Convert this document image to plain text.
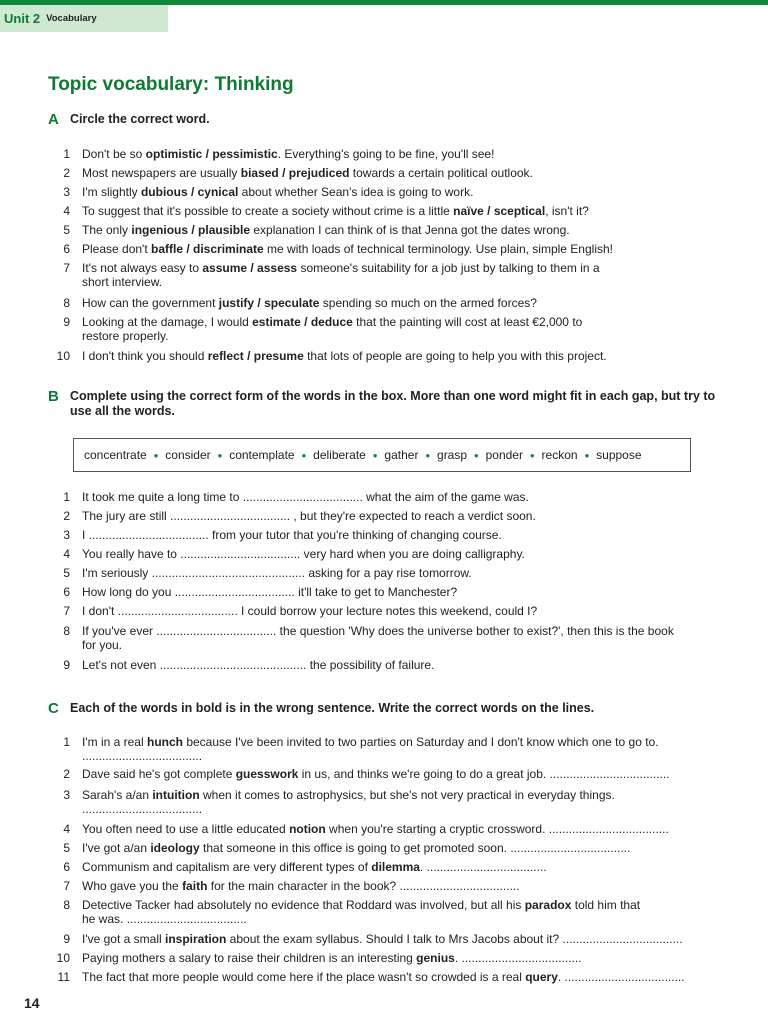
Unit 2 Vocabulary
Topic vocabulary: Thinking
A Circle the correct word.
1 Don't be so optimistic / pessimistic. Everything's going to be fine, you'll see!
2 Most newspapers are usually biased / prejudiced towards a certain political outlook.
3 I'm slightly dubious / cynical about whether Sean's idea is going to work.
4 To suggest that it's possible to create a society without crime is a little naïve / sceptical, isn't it?
5 The only ingenious / plausible explanation I can think of is that Jenna got the dates wrong.
6 Please don't baffle / discriminate me with loads of technical terminology. Use plain, simple English!
7 It's not always easy to assume / assess someone's suitability for a job just by talking to them in a
short interview.
8 How can the government justify / speculate spending so much on the armed forces?
9 Looking at the damage, I would estimate / deduce that the painting will cost at least €2,000 to
restore properly.
10 I don't think you should reflect / presume that lots of people are going to help you with this project.
B Complete using the correct form of the words in the box. More than one word might fit in each gap, but try to use all the words.
concentrate • consider • contemplate • deliberate • gather • grasp • ponder • reckon • suppose
1 It took me quite a long time to .................................... what the aim of the game was.
2 The jury are still .................................... , but they're expected to reach a verdict soon.
3 I .................................... from your tutor that you're thinking of changing course.
4 You really have to .................................... very hard when you are doing calligraphy.
5 I'm seriously .............................................. asking for a pay rise tomorrow.
6 How long do you .................................... it'll take to get to Manchester?
7 I don't .................................... I could borrow your lecture notes this weekend, could I?
8 If you've ever .................................... the question 'Why does the universe bother to exist?', then this is the book
for you.
9 Let's not even ............................................ the possibility of failure.
C Each of the words in bold is in the wrong sentence. Write the correct words on the lines.
1 I'm in a real hunch because I've been invited to two parties on Saturday and I don't know which one to go to.
....................................
2 Dave said he's got complete guesswork in us, and thinks we're going to do a great job. ....................................
3 Sarah's a/an intuition when it comes to astrophysics, but she's not very practical in everyday things.
....................................
4 You often need to use a little educated notion when you're starting a cryptic crossword. ....................................
5 I've got a/an ideology that someone in this office is going to get promoted soon. ....................................
6 Communism and capitalism are very different types of dilemma. ....................................
7 Who gave you the faith for the main character in the book? ....................................
8 Detective Tacker had absolutely no evidence that Roddard was involved, but all his paradox told him that
he was. ....................................
9 I've got a small inspiration about the exam syllabus. Should I talk to Mrs Jacobs about it? ....................................
10 Paying mothers a salary to raise their children is an interesting genius. ....................................
11 The fact that more people would come here if the place wasn't so crowded is a real query. ....................................
14
